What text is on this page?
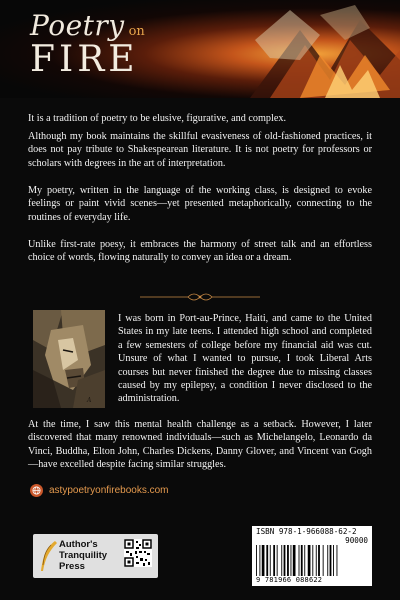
Poetry on
FIRE

It is a tradition of poetry to be elusive, figurative, and complex.

Although my book maintains the skillful evasiveness of old-fashioned practices, it does not pay tribute to Shakespearean literature. It is not poetry for professors or scholars with degrees in the art of interpretation.

My poetry, written in the language of the working class, is designed to evoke feelings or paint vivid scenes—yet presented metaphorically, connecting to the routines of everyday life.

Unlike first-rate poesy, it embraces the harmony of street talk and an effortless choice of words, flowing naturally to convey an idea or a dream.

A

I was born in Port-au-Prince, Haiti, and came to the United States in my late teens. I attended high school and completed a few semesters of college before my financial aid was cut. Unsure of what I wanted to pursue, I took Liberal Arts courses but never finished the degree due to missing classes caused by my epilepsy, a condition I never disclosed to the administration.

At the time, I saw this mental health challenge as a setback. However, I later discovered that many renowned individuals—such as Michelangelo, Leonardo da Vinci, Buddha, Elton John, Charles Dickens, Danny Glover, and Vincent van Gogh—have excelled despite facing similar struggles.

astypoetryonfirebooks.com
Author's
Tranquility
Press
ISBN 978-1-966088-62-2
90000
9 781966 088622
